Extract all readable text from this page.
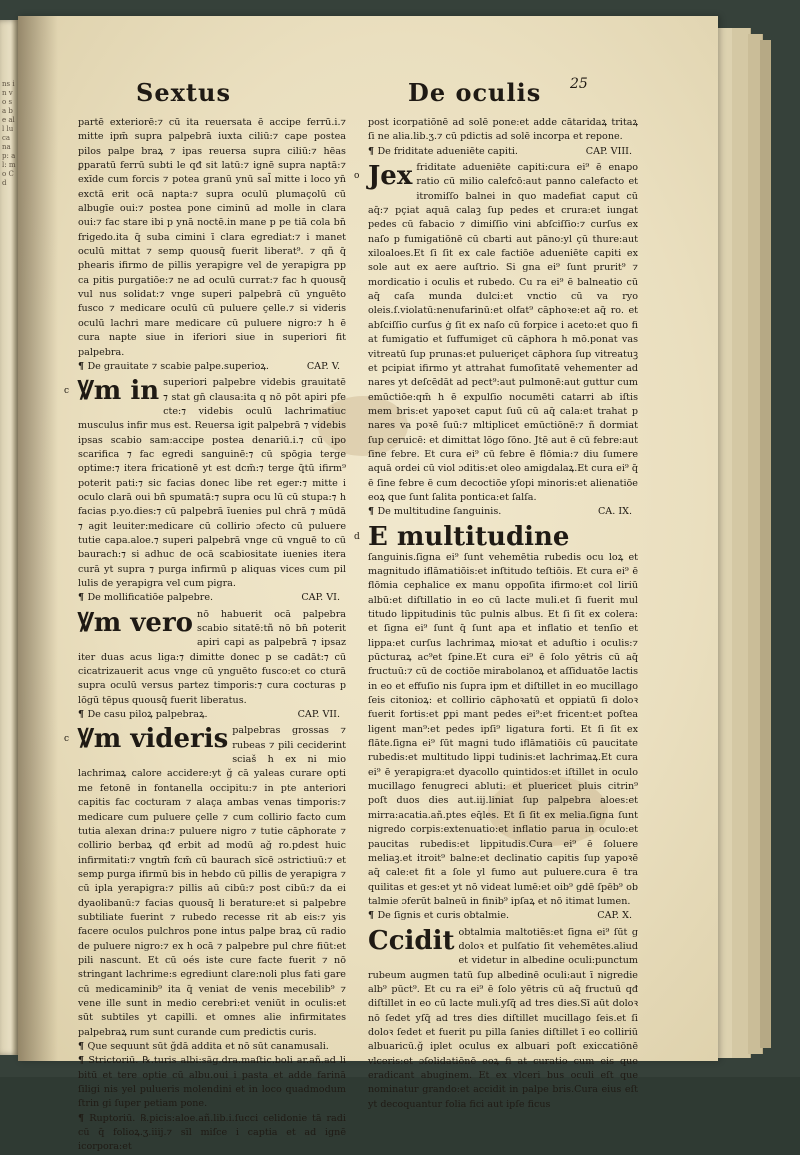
ns in vo sa be all lu ca na p: a l: mo Cd
Sextus	De oculis 25

partē exteriorē:⁊ cū ita reuersata ē accipe ferrū.i.⁊ mitte ipm̄ supra palpebrā iuxta ciliū:⁊ cape postea pilos palpe braꝝ ⁊ ipas reuersa supra ciliū:⁊ hēas ꝑparatū ferrū subti le qđ sit latū:⁊ ignē supra naptā:⁊ exīde cum forcis ⁊ potea granū ynū sal̄ mitte i loco yn̄ exctā erit ocā napta:⁊ supra oculū plumaçolū cū albugīe oui:⁊ postea pone ciminū ad molle in clara oui:⁊ fac stare ibi p ynā noctē.in mane p pe tiā cola bn̄ frigedo.ita q̄ suba cimini ī clara egrediat:⁊ i manet oculū mittat ⁊ semp quousq̄ fuerit liberat⁹. ⁊ qñ q̄ phearis ifirmo de pillis yerapigre vel de yerapigra pp ca pitis purgatiōe:⁊ ne ad oculū currat:⁊ fac h quousq̄ vul nus solidat:⁊ vnge superi palpebrā cū ynguēto fusco ⁊ medicare oculū cū puluere çelle.⁊ si videris oculū lachri mare medicare cū puluere nigro:⁊ h ē cura napte siue in iferiori siue in superiori fit palpebra.

¶ De grauitate ⁊ scabie palpe.superioꝝ.	CAP. V.

c Ꝟm in superiori palpebre videbis grauitatē ⁊ stat gn̄ clausa:ita q nō pōt apiri pfe cte:⁊ videbis oculū lachrimatiuc musculus infir mus est. Reuersa igit palpebrā ⁊ videbis ipsas scabio sam:accipe postea denariū.i.⁊ cū ipo scarifica ⁊ fac egredi sanguinē:⁊ cū spōgia terge optime:⁊ itera fricationē yt est dcm̄:⁊ terge q̄tū ifirm⁹ poterit pati:⁊ sic facias donec libe ret eger:⁊ mitte i oculo clarā oui bn̄ spumatā:⁊ supra ocu lū cū stupa:⁊ h facias p.yo.dies:⁊ cū palpebrā īuenies pul chrā ⁊ mūdā ⁊ agit leuiter:medicare cū collirio ɔfecto cū puluere tutie capa.aloe.⁊ superi palpebrā vnge cū vnguē to cū baurach:⁊ si adhuc de ocā scabiositate iuenies itera curā yt supra ⁊ purga infirmū p aliquas vices cum pil lulis de yerapigra vel cum pigra.

¶ De mollificatiōe palpebre.	CAP. VI.

Ꝟm vero nō habuerit ocā palpebra scabio sitatē:tñ nō bn̄ poterit apiri capi as palpebrā ⁊ ipsaz iter duas acus liga:⁊ dimitte donec p se cadāt:⁊ cū cicatrizauerit acus vnge cū ynguēto fusco:et co cturā supra oculū versus partez timporis:⁊ cura cocturas p lōgū tēpus quousq̄ fuerit liberatus.

¶ De casu piloꝝ palpebraꝝ.	CAP. VII.

c Ꝟm videris palpebras grossas ⁊ rubeas ⁊ pili ceciderint sciaš h ex ni mio lachrimaꝝ calore accidere:yt ğ cā yaleas curare opti me fetonē in fontanella occipitu:⁊ in pte anteriori capitis fac cocturam ⁊ alaça ambas venas timporis:⁊ medicare cum puluere çelle ⁊ cum collirio facto cum tutia alexan drina:⁊ puluere nigro ⁊ tutie cāphorate ⁊ collirio berbaꝝ qđ erbit ad modū ağ ro.pdest huic infirmitati:⁊ vngtm̄ fcm̄ cū baurach sīcē ɔstrictiuū:⁊ et semp purga ifirmū bis in hebdo cū pillis de yerapigra ⁊ cū ipla yerapigra:⁊ pillis aū cibū:⁊ post cibū:⁊ da ei dyaolibanū:⁊ facias quousq̄ li berature:et si palpebre subtiliate fuerint ⁊ rubedo recesse rit ab eis:⁊ yis facere oculos pulchros pone intus palpe braꝝ cū radio de puluere nigro:⁊ ex h ocā ⁊ palpebre pul chre fiūt:et pili nascunt. Et cū oés iste cure facte fuerit ⁊ nō stringant lachrime:s egrediunt clare:noli plus fati gare cū medicaminib⁹ ita q̄ veniat de venis mecebilib⁹ ⁊ vene ille sunt in medio cerebri:et veniūt in oculis:et sūt subtiles yt capilli. et omnes alie infirmitates palpebraꝝ rum sunt curande cum predictis curis.

¶ Que sequunt sūt ğdā addita et nō sūt canamusali.

¶ Strictoriū. ℞.turis albi:sāg.dra.maſtic.boli ar.añ.ad li bitū et tere optie cū albu.oui i pasta et adde farinā ſiligi nis yel pulueris molendini et in loco quadmodum ſtrin gi ſuper petiam pone.

¶ Ruptoriū. ℞.picis:aloe.añ.lib.i.ſucci celidonie tā radi cū q̄ folioꝝ.ʒ.iiij.⁊ sīl miſce i captia et ad ignē icorpora:et

post icorpatiōnē ad solē pone:et adde cātaridaꝝ tritaꝝ ſi ne alia.lib.ʒ.⁊ cū pdictis ad solē incorpa et repone.

¶ De friditate adueniēte capiti.	CAP. VIII.

o Jex friditate adueniēte capiti:cura ei⁹ ē enapo ratio cū milio calefcō:aut panno calefacto et itromiſſo balnei in quo madefiat caput cū aq̄:⁊ pçiat aquā calaꝫ ſup pedes et crura:et iungat pedes cū fabacio ⁊ dimiſſio vini abſciſſio:⁊ curſus ex naſo p fumigatiōnē cū cbarti aut pāno:yl çū thure:aut xiloaloes.Et ſi ſit ex cale factiōe adueniēte capiti ex sole aut ex aere auſtrio. Si gna ei⁹ ſunt prurit⁹ ⁊ mordicatio i oculis et rubedo. Cu ra ei⁹ ē balneatio cū aq̄ caſa munda dulci:et vnctio cū va ryo oleis.ſ.violatū:nenufarinū:et olfat⁹ cāphoꝛe:et aq̄ ro. et abſciſſio curſus ġ ſit ex naſo cū forpice i aceto:et quo fi at fumigatio et ſuffumiget cū cāphora h mō.ponat vas vitreatū ſup prunas:et pulueriçet cāphora ſup vitreatuꝫ et pcipiat ifirmo yt attrahat fumoſitatē vehementer ad nares yt deſcēdāt ad pect⁹:aut pulmonē:aut guttur cum emūctiōe:qm̄ h ē expulſio nocumēti catarri ab iſtis mem bris:et yapoꝛet caput ſuū cū aq̄ cala:et trahat p nares va poꝛē ſuū:⁊ mltiplicet emūctiōnē:⁊ ñ dormiat ſup ceruicē: et dimittat lōgo ſōno. Jtē aut ē cū febre:aut ſine febre. Et cura ei⁹ cū febre ē flōmia:⁊ diu ſumere aquā ordei cū viol ɔditis:et oleo amigdalaꝝ.Et cura ei⁹ q̄ ē ſine febre ē cum decoctiōe yſopi minoris:et alienatiōe eoꝝ que ſunt ſalita pontica:et ſalſa.

¶ De multitudine ſanguinis.	CA. IX.

d E multitudine
ſanguinis.ſigna ei⁹ ſunt vehemētia rubedis ocu loꝝ et magnitudo iflāmatiōis:et inſtitudo teſtiōis. Et cura ei⁹ ē flōmia cephalice ex manu oppoſita ifirmo:et col liriū albū:et diſtillatio in eo cū lacte muli.et ſi fuerit mul titudo lippitudinis tūc pulnis albus. Et ſi ſit ex colera: et ſigna ei⁹ ſunt q̄ ſunt apa et inflatio et tenſio et lippa:et curſus lachrimaꝝ mioꝛat et aduſtio i oculis:⁊ pūcturaꝝ ac⁹et ſpine.Et cura ei⁹ ē ſolo yētris cū aq̄ fructuū:⁊ cū de coctiōe mirabolanoꝝ et aſſiduatōe lactis in eo et effuſio nis ſupra ipm et diſtillet in eo mucillago ſeis citonioꝝ: et collirio cāphoꝛatū et oppiatū ſi doloꝛ fuerit fortis:et ꝑpi mant pedes ei⁹:et fricent:et poſtea ligent man⁹:et pedes ipſi⁹ ligatura forti. Et ſi ſit ex flāte.ſigna ei⁹ ſūt magni tudo iflāmatiōis cū paucitate rubedis:et multitudo lippi tudinis:et lachrimaꝝ.Et cura ei⁹ ē yerapigra:et dyacollo quintidos:et iſtillet in oculo mucillago fenugreci abluti: et pluericet pluis citrin⁹ poſt duos dies aut.iij.liniat ſup palpebra aloes:et mirra:acatia.añ.ptes eq̄les. Et ſi ſit ex melia.ſigna ſunt nigredo corpis:extenuatio:et inflatio parua in oculo:et paucitas rubedis:et lippitudis.Cura ei⁹ ē ſoluere meliaꝫ.et itroit⁹ balne:et declinatio capitis ſup yapoꝛē aq̄ cale:et fit a ſole yl fumo aut puluere.cura ē tra quilitas et ges:et yt nō videat lumē:et oib⁹ gdē ſpēb⁹ ob talmie ɔferūt balneū in finib⁹ ipſaꝝ et nō itimat lumen.

¶ De ſignis et curis obtalmie.	CAP. X.

Ccidit obtalmia maltotiēs:et ſigna ei⁹ ſūt g doloꝛ et pulſatio ſit vehemētes.aliud et videtur in albedine oculi:punctum rubeum augmen tatū ſup albedinē oculi:aut ī nigredie alb⁹ pūct⁹. Et cu ra ei⁹ ē ſolo yētris cū aq̄ fructuū qđ diſtillet in eo cū lacte muli.yſq̄ ad tres dies.Sī aūt doloꝛ nō ſedet yſq̄ ad tres dies diſtillet mucillago ſeis.et ſi doloꝛ ſedet et fuerit pu pilla ſanies diſtillet ī eo colliriū albuaricū.ğ iplet oculus ex albuari poſt exiccatiōnē vlceris:et ɔſolidatiōnē eoꝝ fi at curatio cum eis que eradicant abuginem. Et ex vlceri bus oculi eſt que nominatur grando:et accidit in palpe bris.Cura eius eſt yt decoquantur folia fici aut ipſe ficus
